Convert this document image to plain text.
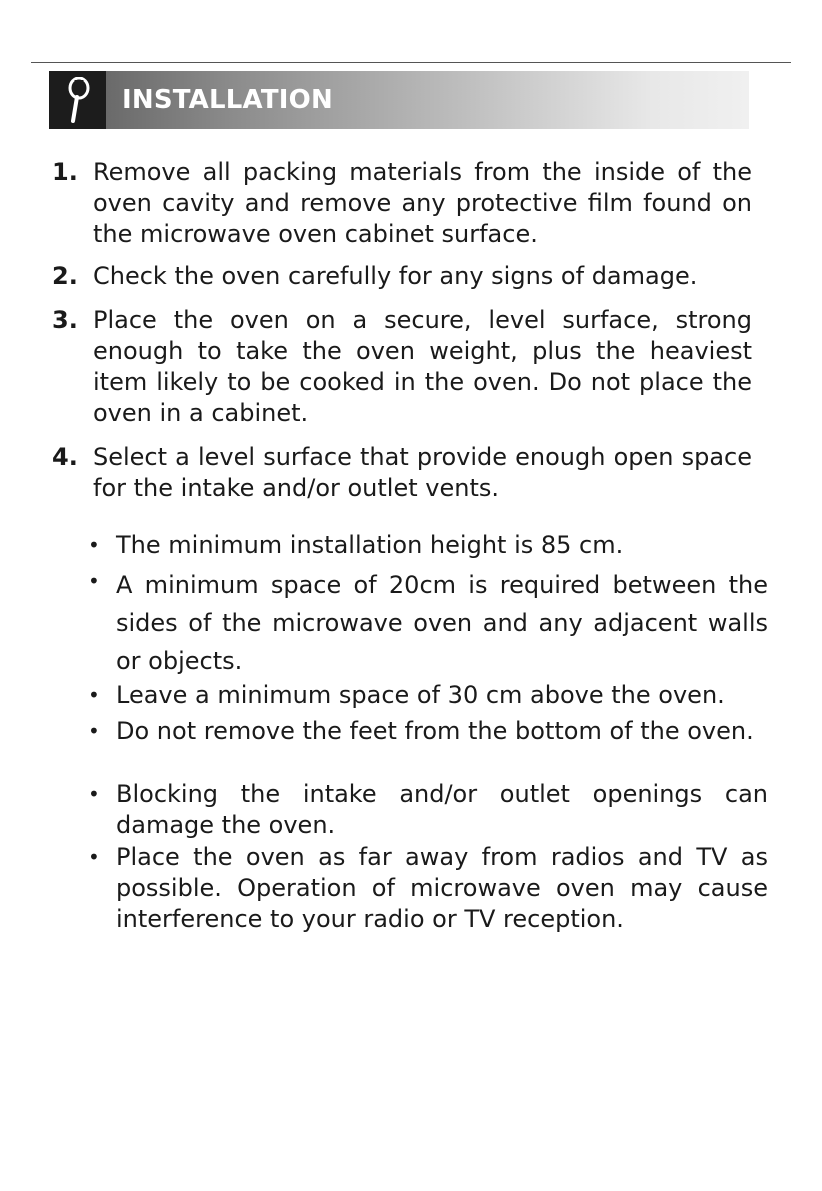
INSTALLATION
1. Remove all packing materials from the inside of the oven cavity and remove any protective film found on the microwave oven cabinet surface.
2. Check the oven carefully for any signs of damage.
3. Place the oven on a secure, level surface, strong enough to take the oven weight, plus the heaviest item likely to be cooked in the oven. Do not place the oven in a cabinet.
4. Select a level surface that provide enough open space for the intake and/or outlet vents.
• The minimum installation height is 85 cm.
• A minimum space of 20cm is required between the sides of the microwave oven and any adjacent walls or objects.
• Leave a minimum space of 30 cm above the oven.
• Do not remove the feet from the bottom of the oven.
• Blocking the intake and/or outlet openings can damage the oven.
• Place the oven as far away from radios and TV as possible. Operation of microwave oven may cause interference to your radio or TV reception.
